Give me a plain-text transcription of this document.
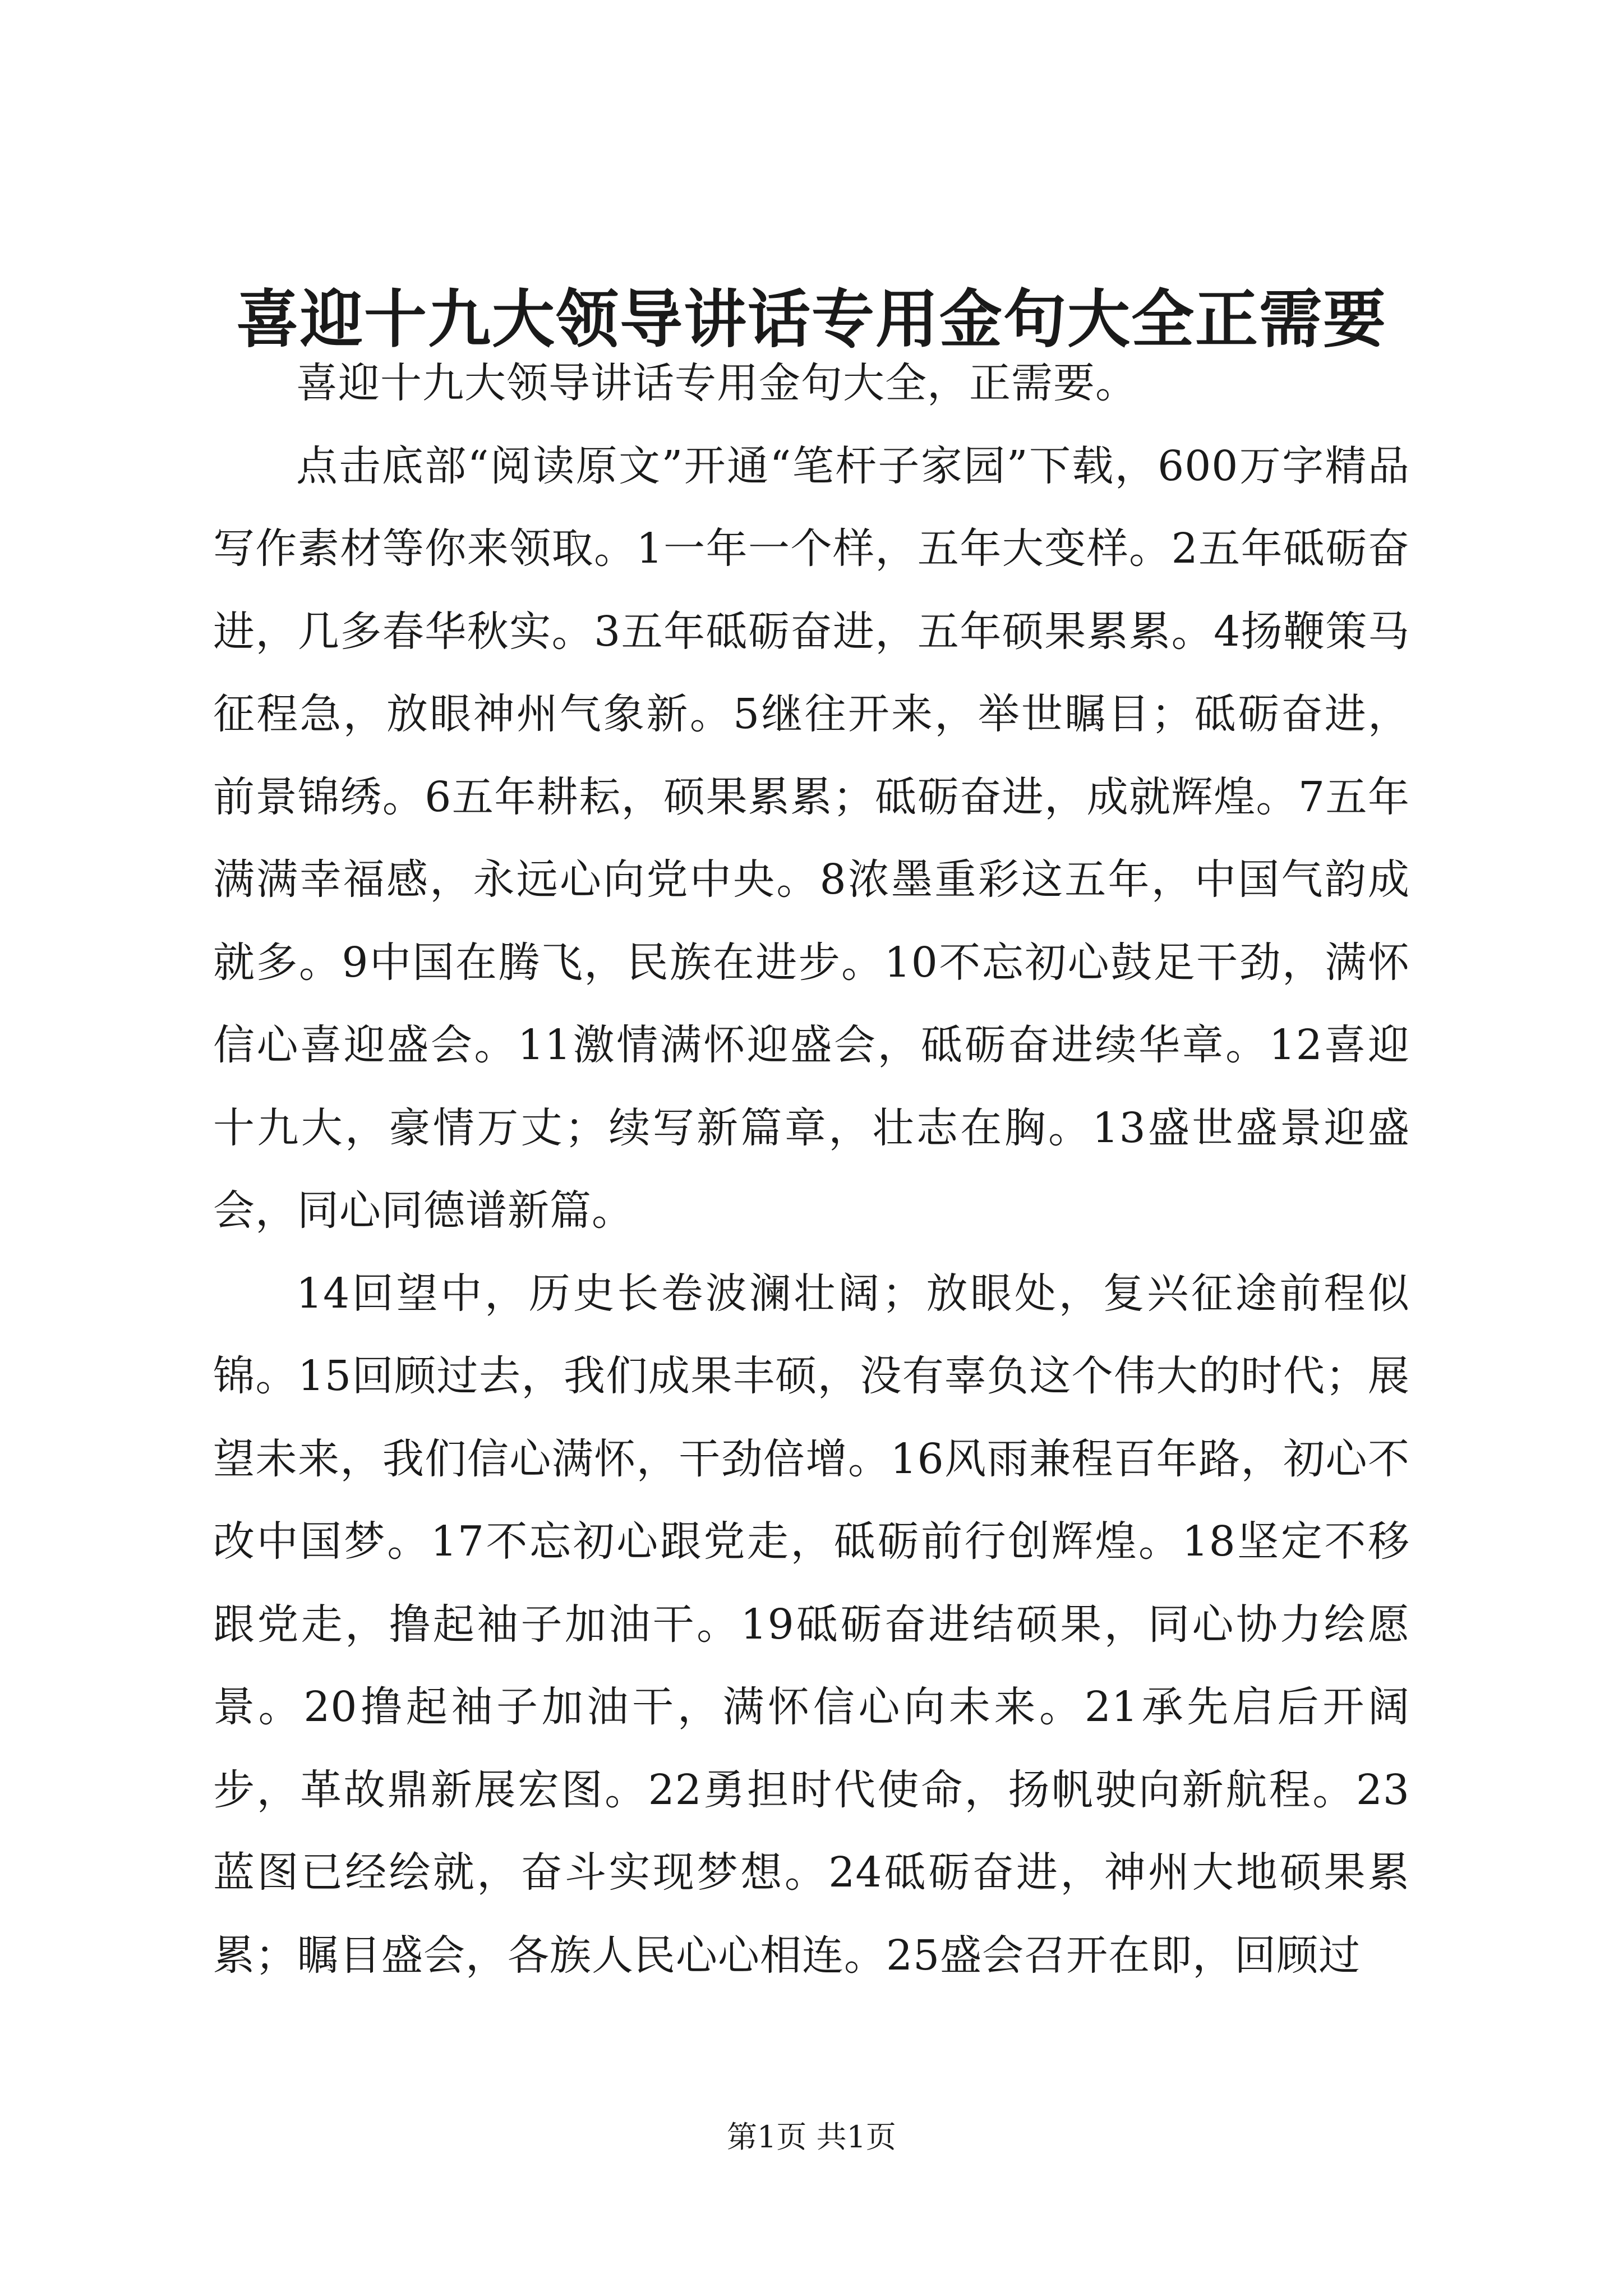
喜迎十九大领导讲话专用金句大全正需要

喜迎十九大领导讲话专用金句大全，正需要。

点击底部“阅读原文”开通“笔杆子家园”下载，600万字精品写作素材等你来领取。1一年一个样，五年大变样。2五年砥砺奋进，几多春华秋实。3五年砥砺奋进，五年硕果累累。4扬鞭策马征程急，放眼神州气象新。5继往开来，举世瞩目；砥砺奋进，前景锦绣。6五年耕耘，硕果累累；砥砺奋进，成就辉煌。7五年满满幸福感，永远心向党中央。8浓墨重彩这五年，中国气韵成就多。9中国在腾飞，民族在进步。10不忘初心鼓足干劲，满怀信心喜迎盛会。11激情满怀迎盛会，砥砺奋进续华章。12喜迎十九大，豪情万丈；续写新篇章，壮志在胸。13盛世盛景迎盛会，同心同德谱新篇。

14回望中，历史长卷波澜壮阔；放眼处，复兴征途前程似锦。15回顾过去，我们成果丰硕，没有辜负这个伟大的时代；展望未来，我们信心满怀，干劲倍增。16风雨兼程百年路，初心不改中国梦。17不忘初心跟党走，砥砺前行创辉煌。18坚定不移跟党走，撸起袖子加油干。19砥砺奋进结硕果，同心协力绘愿景。20撸起袖子加油干，满怀信心向未来。21承先启后开阔步，革故鼎新展宏图。22勇担时代使命，扬帆驶向新航程。23蓝图已经绘就，奋斗实现梦想。24砥砺奋进，神州大地硕果累累；瞩目盛会，各族人民心心相连。25盛会召开在即，回顾过

第1页 共1页
